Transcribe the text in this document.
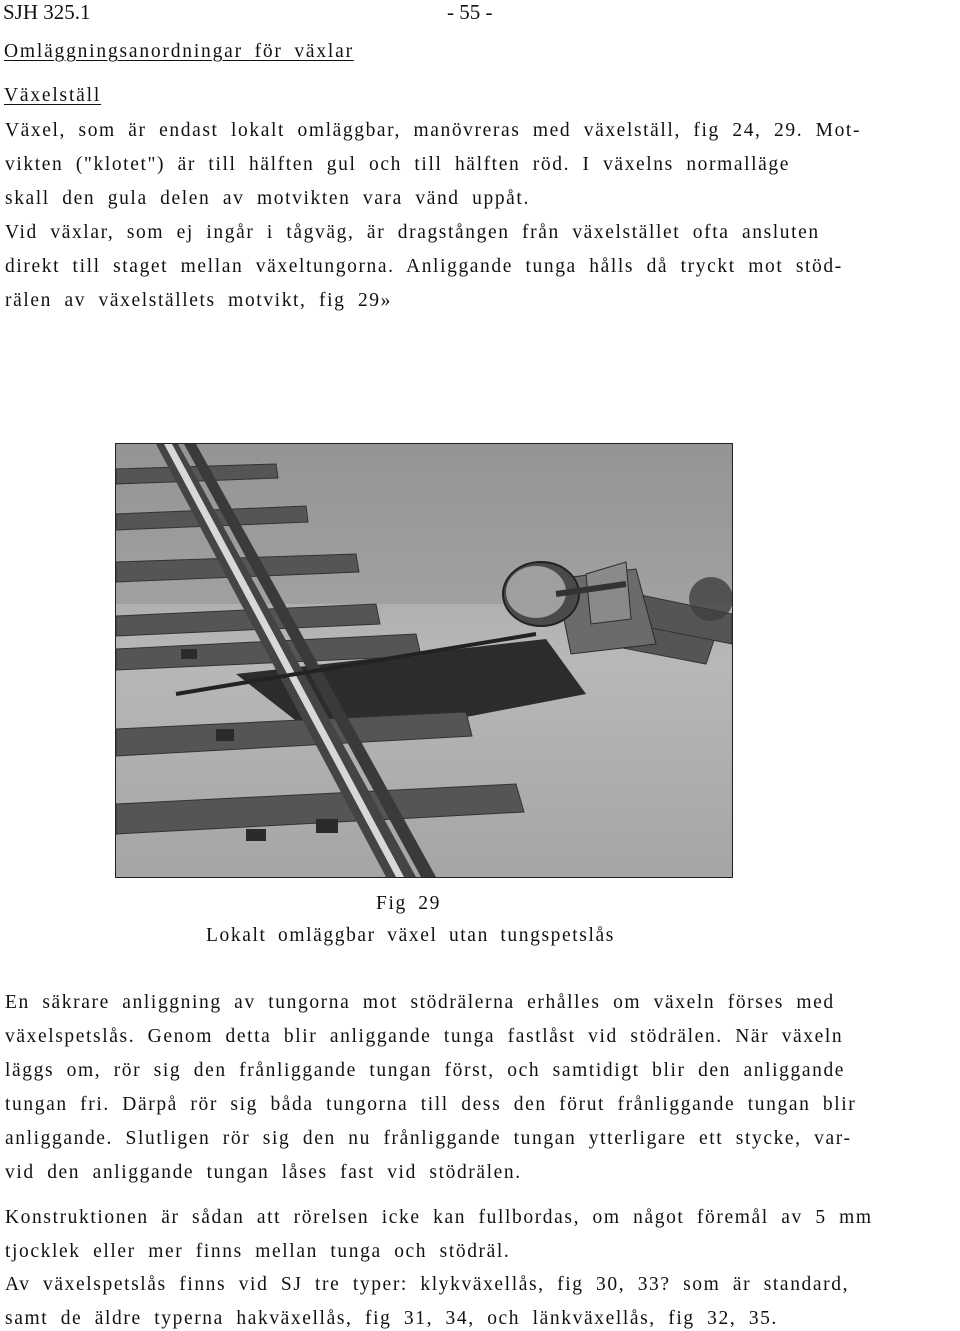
SJH 325.1	- 55 -
Omläggningsanordningar för växlar
Växelställ
Växel, som är endast lokalt omläggbar, manövreras med växelställ, fig 24, 29. Mot-
vikten ("klotet") är till hälften gul och till hälften röd. I växelns normalläge
skall den gula delen av motvikten vara vänd uppåt.
Vid växlar, som ej ingår i tågväg, är dragstången från växelstället ofta ansluten
direkt till staget mellan växeltungorna. Anliggande tunga hålls då tryckt mot stöd-
rälen av växelställets motvikt, fig 29»
Fig 29
Lokalt omläggbar växel utan tungspetslås
En säkrare anliggning av tungorna mot stödrälerna erhålles om växeln förses med
växelspetslås. Genom detta blir anliggande tunga fastlåst vid stödrälen. När växeln
läggs om, rör sig den frånliggande tungan först, och samtidigt blir den anliggande
tungan fri. Därpå rör sig båda tungorna till dess den förut frånliggande tungan blir
anliggande. Slutligen rör sig den nu frånliggande tungan ytterligare ett stycke, var-
vid den anliggande tungan låses fast vid stödrälen.
Konstruktionen är sådan att rörelsen icke kan fullbordas, om något föremål av 5 mm
tjocklek eller mer finns mellan tunga och stödräl.
Av växelspetslås finns vid SJ tre typer: klykväxellås, fig 30, 33? som är standard,
samt de äldre typerna hakväxellås, fig 31, 34, och länkväxellås, fig 32, 35.
